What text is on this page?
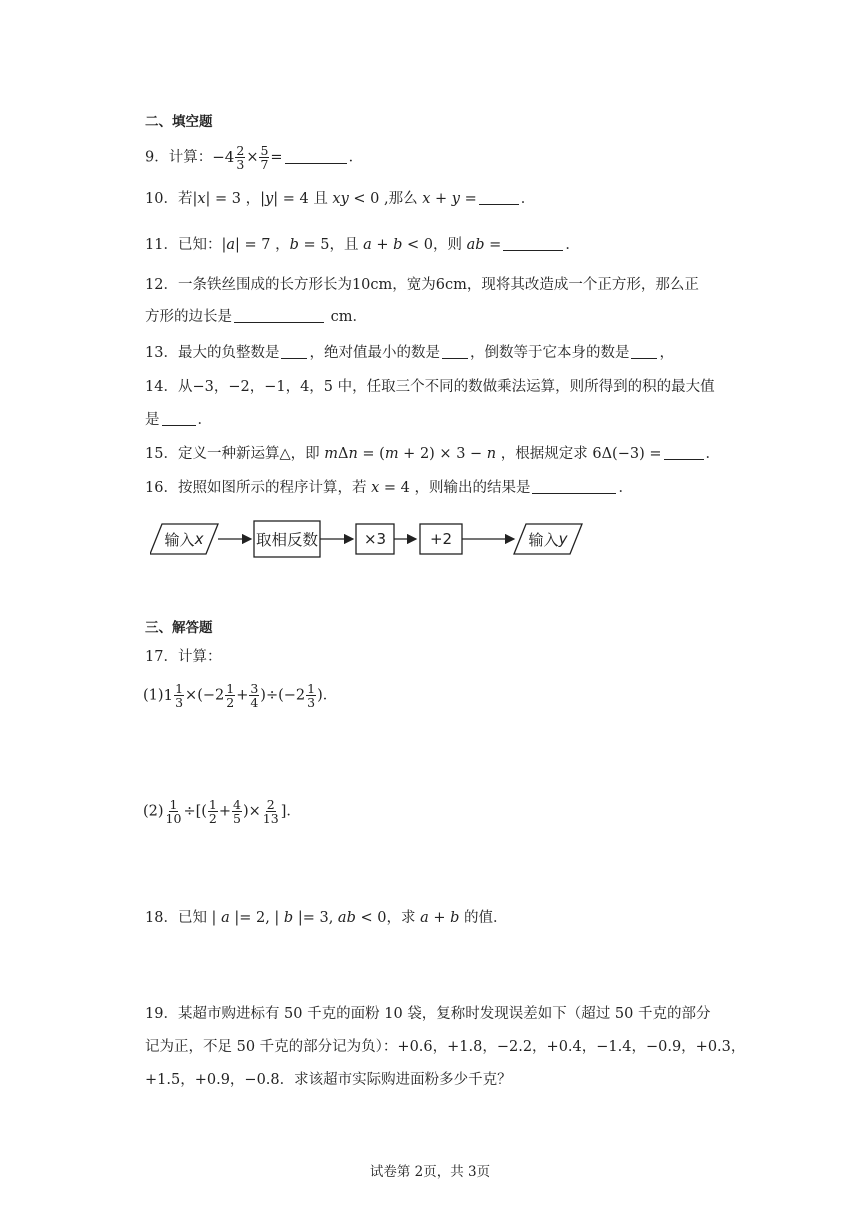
二、填空题
9．计算：$-4 \frac{2}{3} \times \frac{5}{7}$ =	．
10．若|x| = 3 ，|y| = 4 且 xy < 0 ,那么 x + y =	．
11．已知：|a| = 7 ，b = 5，且 a + b < 0，则 ab =	．
12．一条铁丝围成的长方形长为10cm，宽为6cm，现将其改造成一个正方形，那么正
方形的边长是	cm．
13．最大的负整数是 ，绝对值最小的数是 ，倒数等于它本身的数是 ，
14．从−3，−2，−1，4，5 中，任取三个不同的数做乘法运算，则所得到的积的最大值
是	．
15．定义一种新运算△，即 mΔn = (m + 2) × 3 − n ，根据规定求 6Δ(−3) =	．
16．按照如图所示的程序计算，若 x = 4 ，则输出的结果是	．
输入 x	取相反数	×3	+2	输入 y
三、解答题
17．计算：
$(1)1 \frac{1}{3} \times(-2 \frac{1}{2} + \frac{3}{4} )\div(-2 \frac{1}{3}$ )．
$(2) \frac{1}{10}$ ÷[( $\frac{1}{2} + \frac{4}{5}$ )× $\frac{2}{13}$ ]．
18．已知 | a |= 2, | b |= 3, ab < 0，求 a + b 的值．
19．某超市购进标有 50 千克的面粉 10 袋，复称时发现误差如下（超过 50 千克的部分
记为正，不足 50 千克的部分记为负）：+0.6，+1.8，−2.2，+0.4，−1.4，−0.9，+0.3，
+1.5，+0.9，−0.8．求该超市实际购进面粉多少千克？
试卷第 2页，共 3页
